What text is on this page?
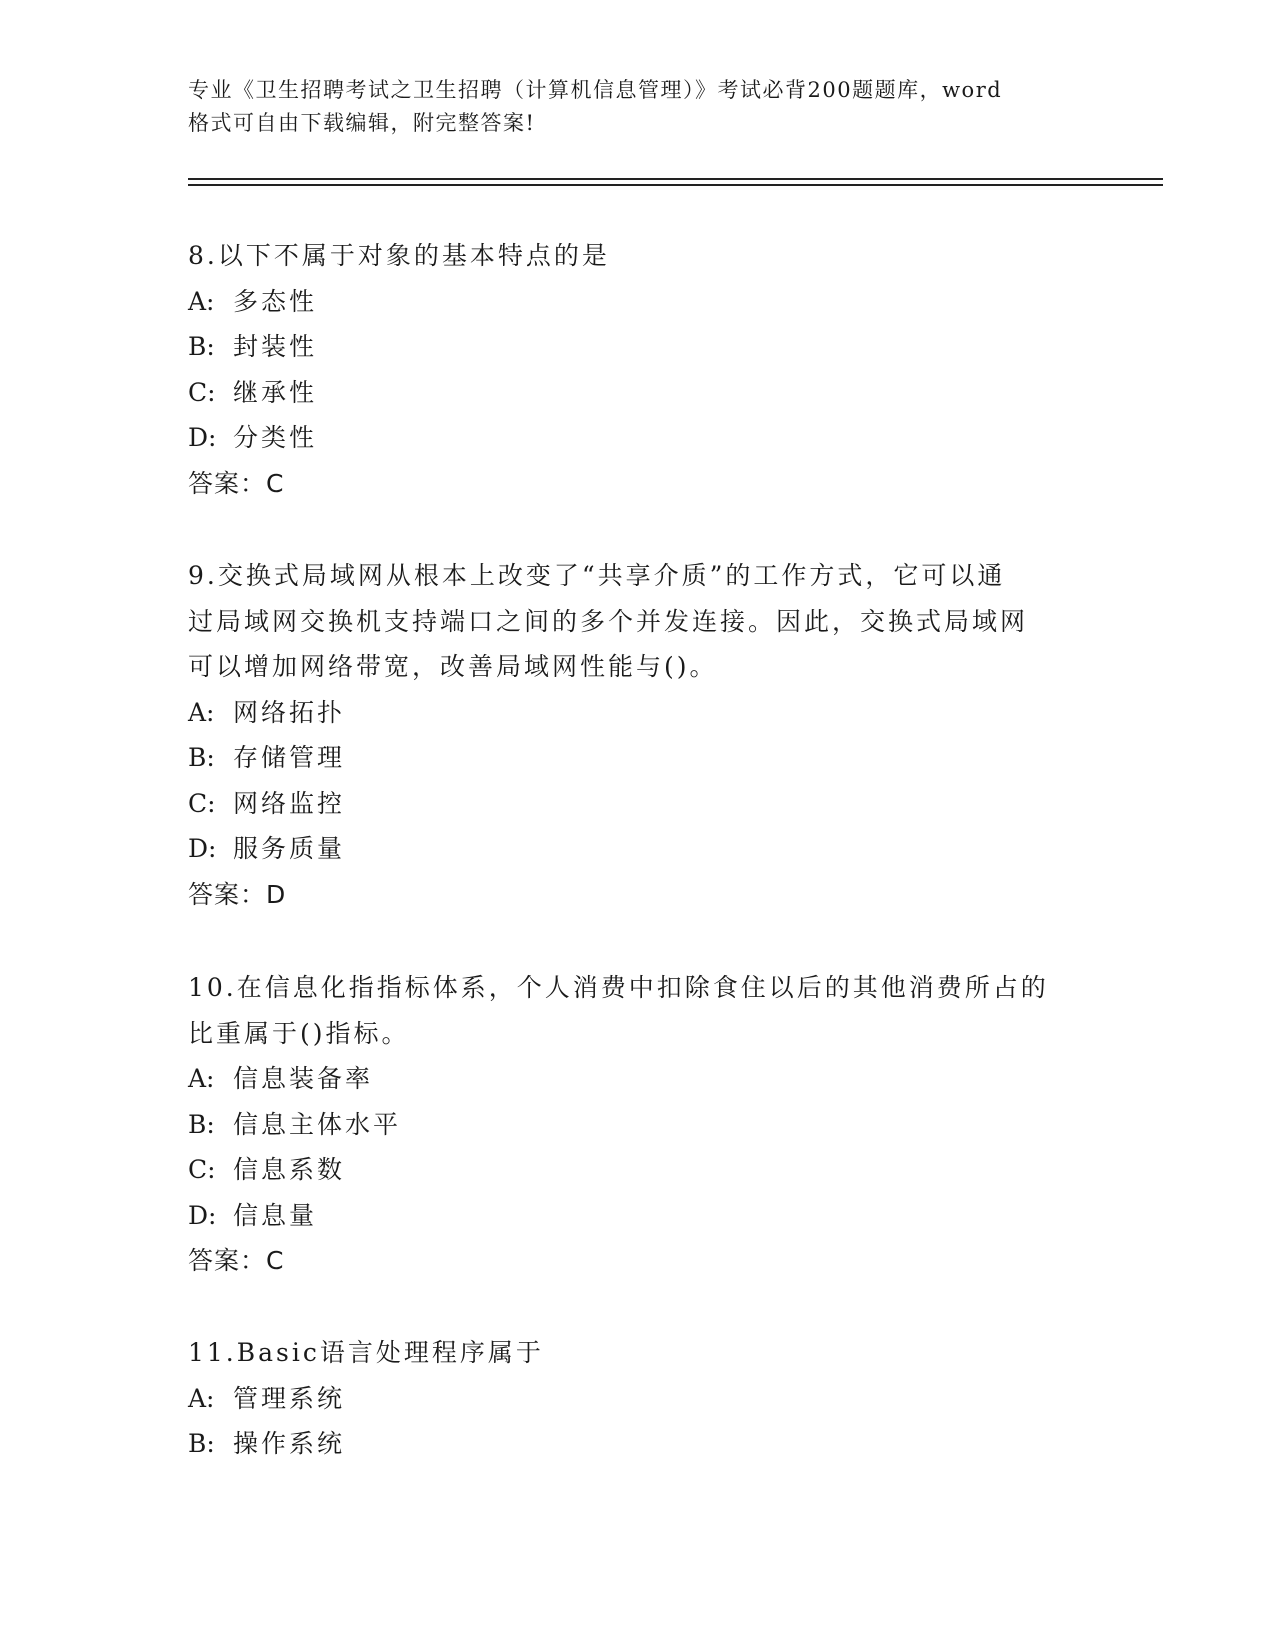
专业《卫生招聘考试之卫生招聘（计算机信息管理）》考试必背200题题库，word
格式可自由下载编辑，附完整答案!
8.以下不属于对象的基本特点的是
A: 多态性
B: 封装性
C: 继承性
D: 分类性
答案：C
9.交换式局域网从根本上改变了“共享介质”的工作方式，它可以通
过局域网交换机支持端口之间的多个并发连接。因此，交换式局域网
可以增加网络带宽，改善局域网性能与()。
A: 网络拓扑
B: 存储管理
C: 网络监控
D: 服务质量
答案：D
10.在信息化指指标体系，个人消费中扣除食住以后的其他消费所占的
比重属于()指标。
A: 信息装备率
B: 信息主体水平
C: 信息系数
D: 信息量
答案：C
11.Basic语言处理程序属于
A: 管理系统
B: 操作系统
